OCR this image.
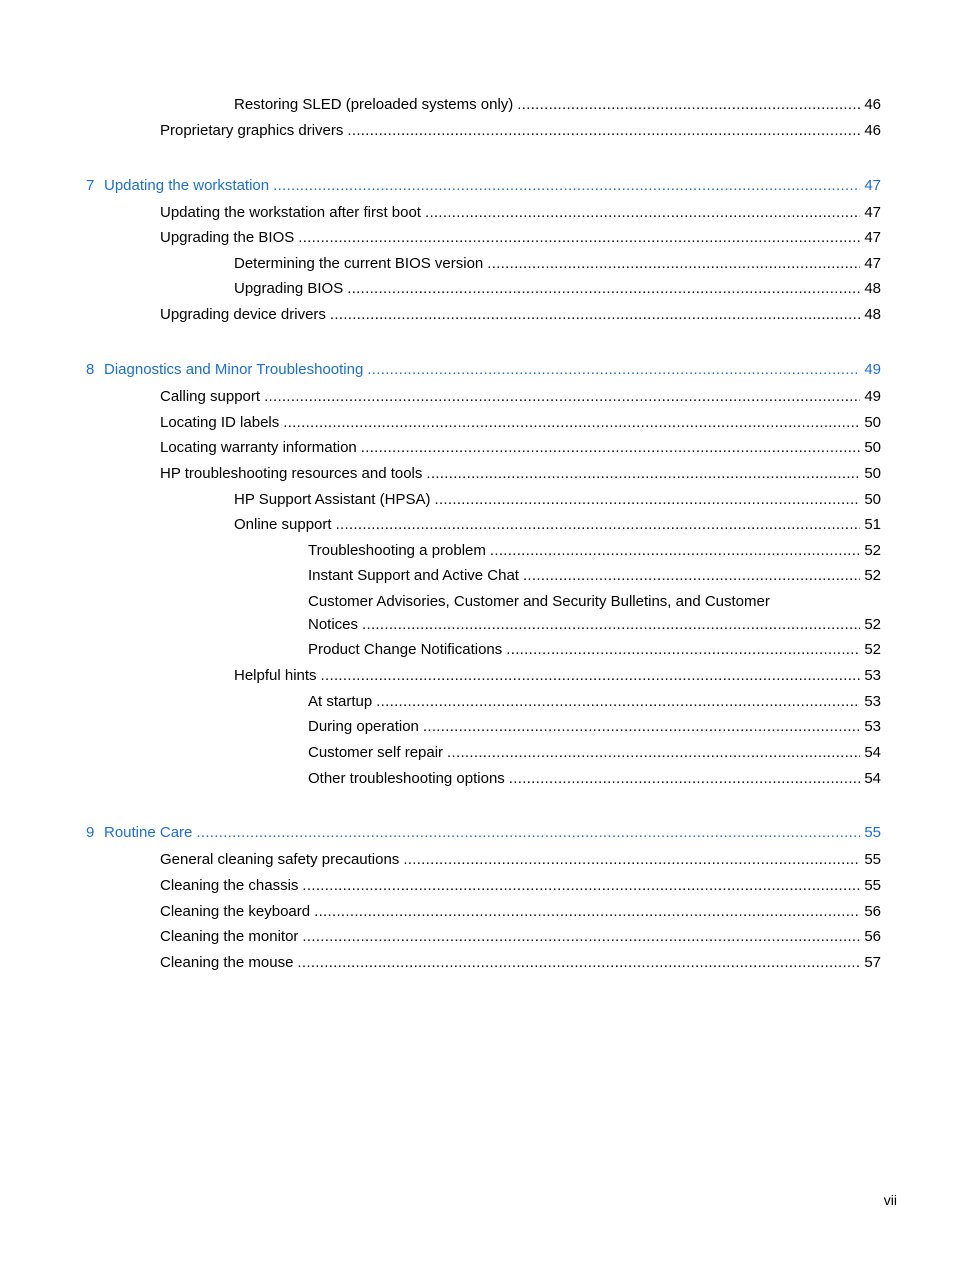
Restoring SLED (preloaded systems only) .....	46
Proprietary graphics drivers .....	46
7 Updating the workstation .....	47
Updating the workstation after first boot .....	47
Upgrading the BIOS .....	47
Determining the current BIOS version .....	47
Upgrading BIOS .....	48
Upgrading device drivers .....	48
8 Diagnostics and Minor Troubleshooting .....	49
Calling support .....	49
Locating ID labels .....	50
Locating warranty information .....	50
HP troubleshooting resources and tools .....	50
HP Support Assistant (HPSA) .....	50
Online support .....	51
Troubleshooting a problem .....	52
Instant Support and Active Chat .....	52
Customer Advisories, Customer and Security Bulletins, and Customer
Notices .....	52
Product Change Notifications .....	52
Helpful hints .....	53
At startup .....	53
During operation .....	53
Customer self repair .....	54
Other troubleshooting options .....	54
9 Routine Care .....	55
General cleaning safety precautions .....	55
Cleaning the chassis .....	55
Cleaning the keyboard .....	56
Cleaning the monitor .....	56
Cleaning the mouse .....	57
vii
